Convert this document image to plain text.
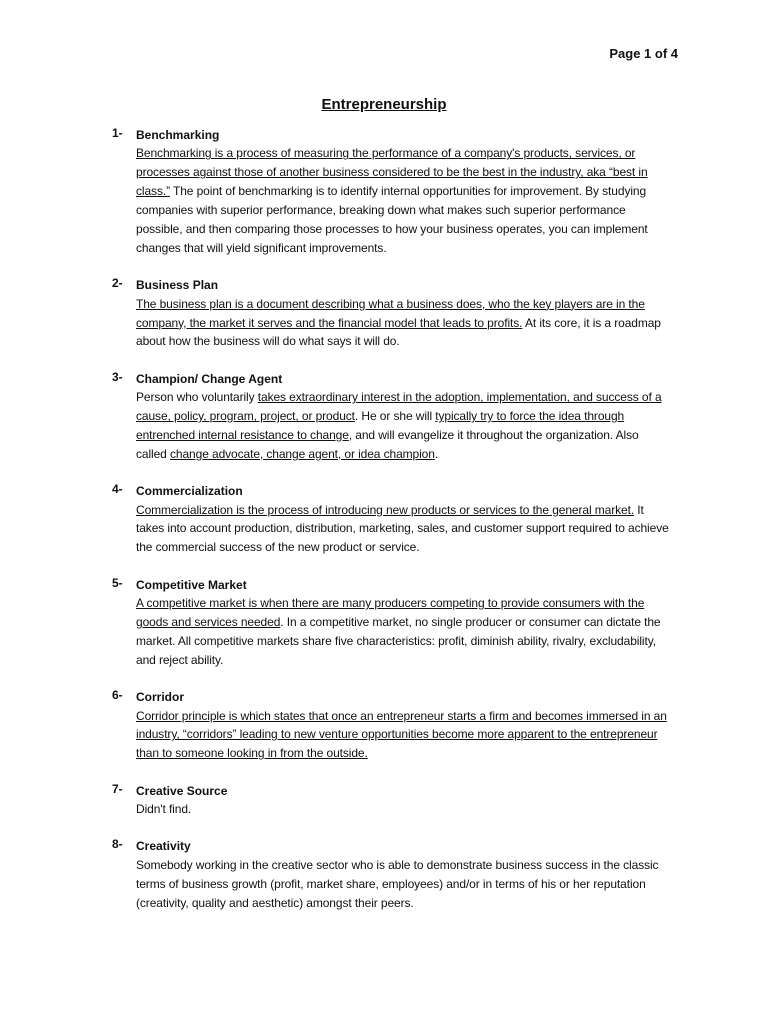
Page 1 of 4
Entrepreneurship
1- Benchmarking
Benchmarking is a process of measuring the performance of a company's products, services, or processes against those of another business considered to be the best in the industry, aka “best in class.” The point of benchmarking is to identify internal opportunities for improvement. By studying companies with superior performance, breaking down what makes such superior performance possible, and then comparing those processes to how your business operates, you can implement changes that will yield significant improvements.
2- Business Plan
The business plan is a document describing what a business does, who the key players are in the company, the market it serves and the financial model that leads to profits. At its core, it is a roadmap about how the business will do what says it will do.
3- Champion/ Change Agent
Person who voluntarily takes extraordinary interest in the adoption, implementation, and success of a cause, policy, program, project, or product. He or she will typically try to force the idea through entrenched internal resistance to change, and will evangelize it throughout the organization. Also called change advocate, change agent, or idea champion.
4- Commercialization
Commercialization is the process of introducing new products or services to the general market. It takes into account production, distribution, marketing, sales, and customer support required to achieve the commercial success of the new product or service.
5- Competitive Market
A competitive market is when there are many producers competing to provide consumers with the goods and services needed. In a competitive market, no single producer or consumer can dictate the market. All competitive markets share five characteristics: profit, diminish ability, rivalry, excludability, and reject ability.
6- Corridor
Corridor principle is which states that once an entrepreneur starts a firm and becomes immersed in an industry, “corridors” leading to new venture opportunities become more apparent to the entrepreneur than to someone looking in from the outside.
7- Creative Source
Didn't find.
8- Creativity
Somebody working in the creative sector who is able to demonstrate business success in the classic terms of business growth (profit, market share, employees) and/or in terms of his or her reputation (creativity, quality and aesthetic) amongst their peers.
